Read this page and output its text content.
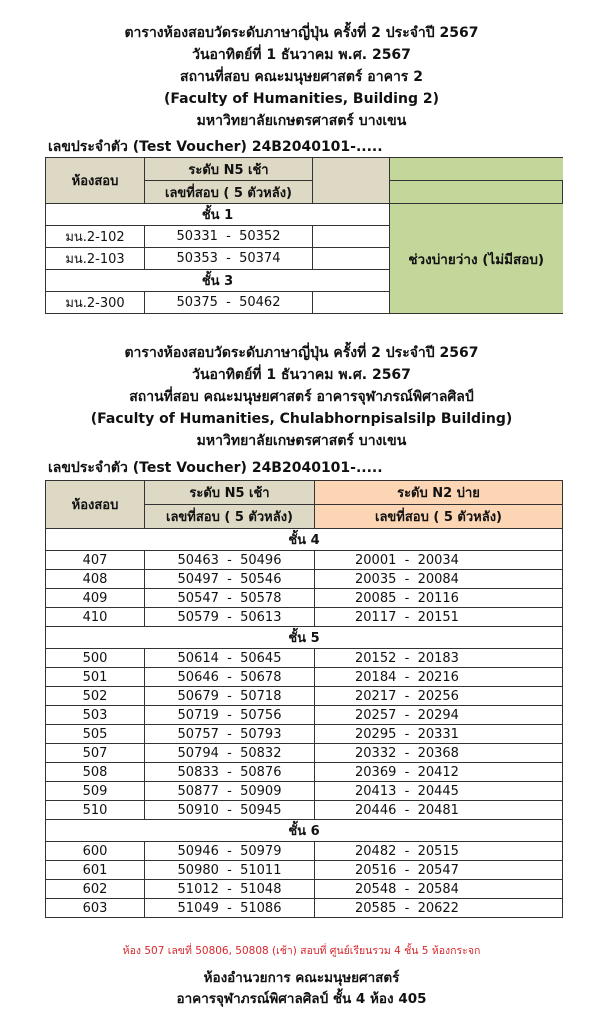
ตารางห้องสอบวัดระดับภาษาญี่ปุ่น ครั้งที่ 2 ประจำปี 2567
วันอาทิตย์ที่ 1 ธันวาคม พ.ศ. 2567
สถานที่สอบ คณะมนุษยศาสตร์ อาคาร 2
(Faculty of Humanities, Building 2)
มหาวิทยาลัยเกษตรศาสตร์ บางเขน
เลขประจำตัว (Test Voucher) 24B2040101-.....
ห้องสอบ	ระดับ N5 เช้า		
	เลขที่สอบ ( 5 ตัวหลัง)		
ชั้น 1			ช่วงบ่ายว่าง (ไม่มีสอบ)
มน.2-102	50331  -  50352		
มน.2-103	50353  -  50374		
ชั้น 3			
มน.2-300	50375  -  50462		
ตารางห้องสอบวัดระดับภาษาญี่ปุ่น ครั้งที่ 2 ประจำปี 2567
วันอาทิตย์ที่ 1 ธันวาคม พ.ศ. 2567
สถานที่สอบ คณะมนุษยศาสตร์ อาคารจุฬาภรณ์พิศาลศิลป์
(Faculty of Humanities, Chulabhornpisalsilp Building)
มหาวิทยาลัยเกษตรศาสตร์ บางเขน
เลขประจำตัว (Test Voucher) 24B2040101-.....
ห้องสอบ	ระดับ N5 เช้า	ระดับ N2 บ่าย
	เลขที่สอบ ( 5 ตัวหลัง)	เลขที่สอบ ( 5 ตัวหลัง)
ชั้น 4		
407	50463  -  50496	20001  -  20034
408	50497  -  50546	20035  -  20084
409	50547  -  50578	20085  -  20116
410	50579  -  50613	20117  -  20151
ชั้น 5		
500	50614  -  50645	20152  -  20183
501	50646  -  50678	20184  -  20216
502	50679  -  50718	20217  -  20256
503	50719  -  50756	20257  -  20294
505	50757  -  50793	20295  -  20331
507	50794  -  50832	20332  -  20368
508	50833  -  50876	20369  -  20412
509	50877  -  50909	20413  -  20445
510	50910  -  50945	20446  -  20481
ชั้น 6		
600	50946  -  50979	20482  -  20515
601	50980  -  51011	20516  -  20547
602	51012  -  51048	20548  -  20584
603	51049  -  51086	20585  -  20622
ห้อง 507 เลขที่ 50806, 50808 (เช้า) สอบที่ ศูนย์เรียนรวม 4 ชั้น 5 ห้องกระจก
ห้องอำนวยการ คณะมนุษยศาสตร์
อาคารจุฬาภรณ์พิศาลศิลป์ ชั้น 4 ห้อง 405
